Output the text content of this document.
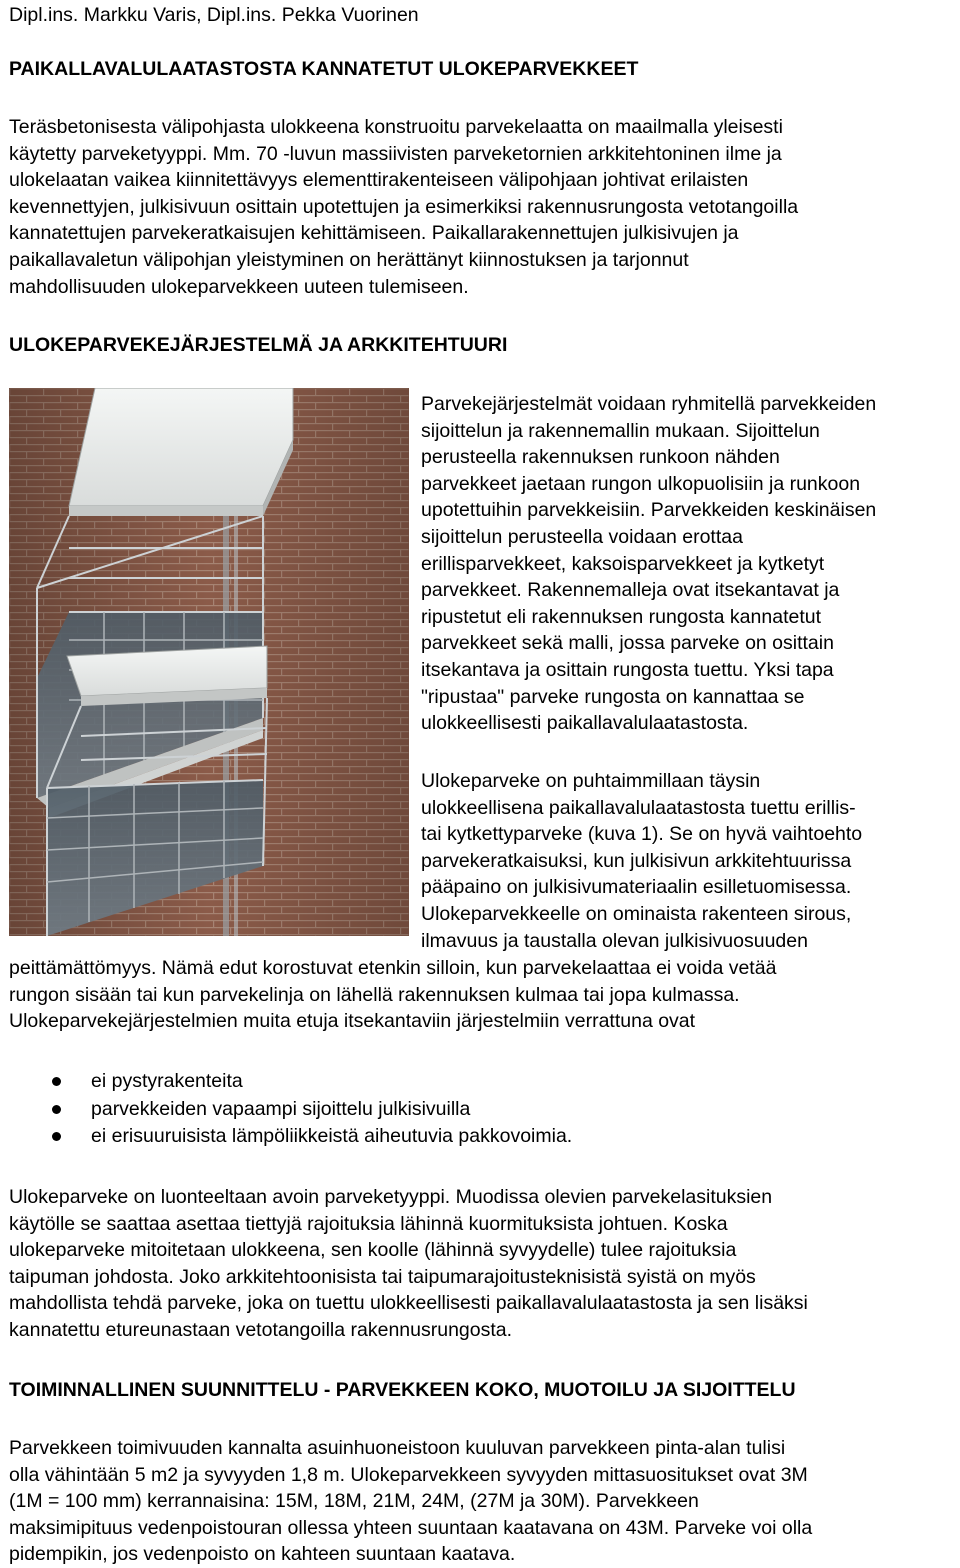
Dipl.ins. Markku Varis, Dipl.ins. Pekka Vuorinen
PAIKALLAVALULAATASTOSTA KANNATETUT ULOKEPARVEKKEET
Teräsbetonisesta välipohjasta ulokkeena konstruoitu parvekelaatta on maailmalla yleisesti
käytetty parveketyyppi. Mm. 70 -luvun massiivisten parveketornien arkkitehtoninen ilme ja
ulokelaatan vaikea kiinnitettävyys elementtirakenteiseen välipohjaan johtivat erilaisten
kevennettyjen, julkisivuun osittain upotettujen ja esimerkiksi rakennusrungosta vetotangoilla
kannatettujen parvekeratkaisujen kehittämiseen. Paikallarakennettujen julkisivujen ja
paikallavaletun välipohjan yleistyminen on herättänyt kiinnostuksen ja tarjonnut
mahdollisuuden ulokeparvekkeen uuteen tulemiseen.
ULOKEPARVEKEJÄRJESTELMÄ JA ARKKITEHTUURI
Parvekejärjestelmät voidaan ryhmitellä parvekkeiden
sijoittelun ja rakennemallin mukaan. Sijoittelun
perusteella rakennuksen runkoon nähden
parvekkeet jaetaan rungon ulkopuolisiin ja runkoon
upotettuihin parvekkeisiin. Parvekkeiden keskinäisen
sijoittelun perusteella voidaan erottaa
erillisparvekkeet, kaksoisparvekkeet ja kytketyt
parvekkeet. Rakennemalleja ovat itsekantavat ja
ripustetut eli rakennuksen rungosta kannatetut
parvekkeet sekä malli, jossa parveke on osittain
itsekantava ja osittain rungosta tuettu. Yksi tapa
"ripustaa" parveke rungosta on kannattaa se
ulokkeellisesti paikallavalulaatastosta.
Ulokeparveke on puhtaimmillaan täysin
ulokkeellisena paikallavalulaatastosta tuettu erillis-
tai kytkettyparveke (kuva 1). Se on hyvä vaihtoehto
parvekeratkaisuksi, kun julkisivun arkkitehtuurissa
pääpaino on julkisivumateriaalin esilletuomisessa.
Ulokeparvekkeelle on ominaista rakenteen sirous,
ilmavuus ja taustalla olevan julkisivuosuuden
peittämättömyys. Nämä edut korostuvat etenkin silloin, kun parvekelaattaa ei voida vetää
rungon sisään tai kun parvekelinja on lähellä rakennuksen kulmaa tai jopa kulmassa.
Ulokeparvekejärjestelmien muita etuja itsekantaviin järjestelmiin verrattuna ovat
ei pystyrakenteita
parvekkeiden vapaampi sijoittelu julkisivuilla
ei erisuuruisista lämpöliikkeistä aiheutuvia pakkovoimia.
Ulokeparveke on luonteeltaan avoin parveketyyppi. Muodissa olevien parvekelasituksien
käytölle se saattaa asettaa tiettyjä rajoituksia lähinnä kuormituksista johtuen. Koska
ulokeparveke mitoitetaan ulokkeena, sen koolle (lähinnä syvyydelle) tulee rajoituksia
taipuman johdosta. Joko arkkitehtoonisista tai taipumarajoitusteknisistä syistä on myös
mahdollista tehdä parveke, joka on tuettu ulokkeellisesti paikallavalulaatastosta ja sen lisäksi
kannatettu etureunastaan vetotangoilla rakennusrungosta.
TOIMINNALLINEN SUUNNITTELU - PARVEKKEEN KOKO, MUOTOILU JA SIJOITTELU
Parvekkeen toimivuuden kannalta asuinhuoneistoon kuuluvan parvekkeen pinta-alan tulisi
olla vähintään 5 m2 ja syvyyden 1,8 m. Ulokeparvekkeen syvyyden mittasuositukset ovat 3M
(1M = 100 mm) kerrannaisina: 15M, 18M, 21M, 24M, (27M ja 30M). Parvekkeen
maksimipituus vedenpoistouran ollessa yhteen suuntaan kaatavana on 43M. Parveke voi olla
pidempikin, jos vedenpoisto on kahteen suuntaan kaatava.
